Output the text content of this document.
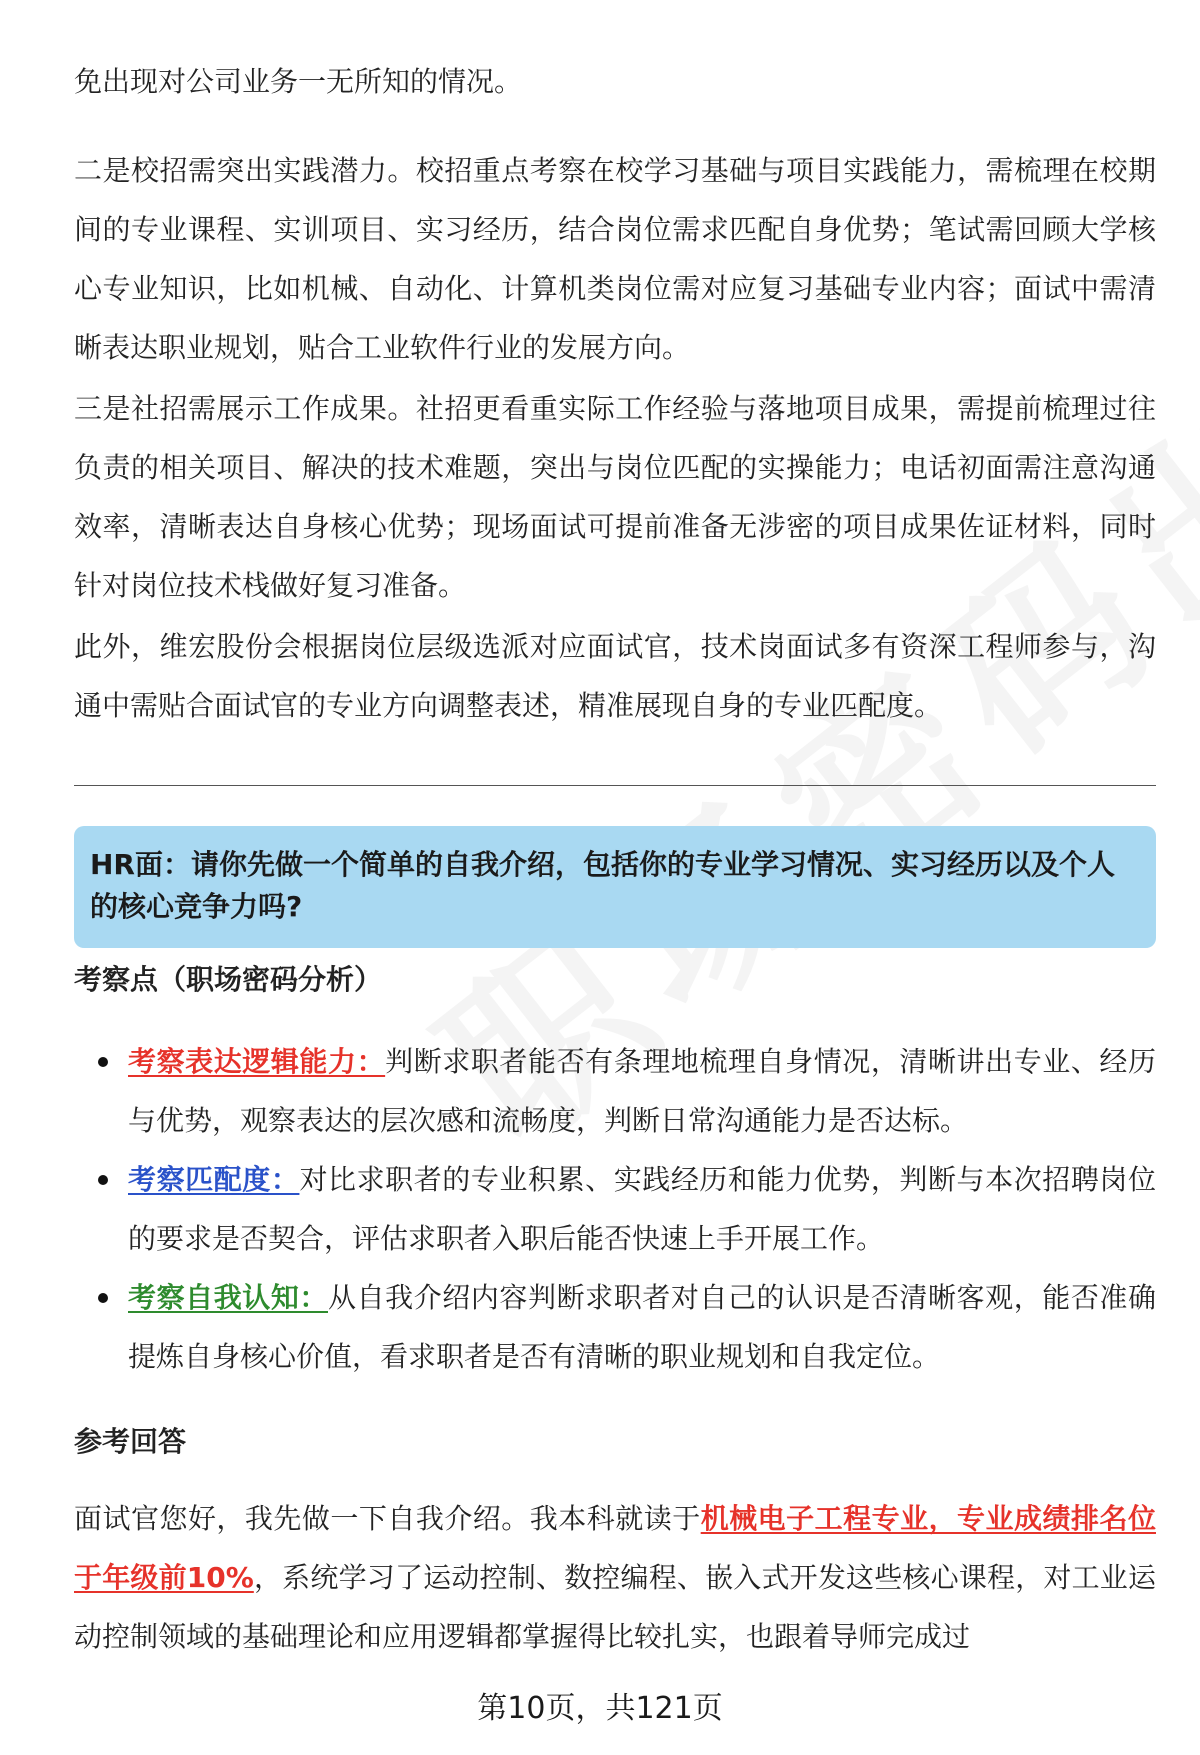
免出现对公司业务一无所知的情况。

二是校招需突出实践潜力。校招重点考察在校学习基础与项目实践能力，需梳理在校期间的专业课程、实训项目、实习经历，结合岗位需求匹配自身优势；笔试需回顾大学核心专业知识，比如机械、自动化、计算机类岗位需对应复习基础专业内容；面试中需清晰表达职业规划，贴合工业软件行业的发展方向。

三是社招需展示工作成果。社招更看重实际工作经验与落地项目成果，需提前梳理过往负责的相关项目、解决的技术难题，突出与岗位匹配的实操能力；电话初面需注意沟通效率，清晰表达自身核心优势；现场面试可提前准备无涉密的项目成果佐证材料，同时针对岗位技术栈做好复习准备。

此外，维宏股份会根据岗位层级选派对应面试官，技术岗面试多有资深工程师参与，沟通中需贴合面试官的专业方向调整表述，精准展现自身的专业匹配度。

HR面：请你先做一个简单的自我介绍，包括你的专业学习情况、实习经历以及个人的核心竞争力吗?

考察点（职场密码分析）

考察表达逻辑能力：判断求职者能否有条理地梳理自身情况，清晰讲出专业、经历与优势，观察表达的层次感和流畅度，判断日常沟通能力是否达标。
考察匹配度：对比求职者的专业积累、实践经历和能力优势，判断与本次招聘岗位的要求是否契合，评估求职者入职后能否快速上手开展工作。
考察自我认知：从自我介绍内容判断求职者对自己的认识是否清晰客观，能否准确提炼自身核心价值，看求职者是否有清晰的职业规划和自我定位。

参考回答

面试官您好，我先做一下自我介绍。我本科就读于机械电子工程专业，专业成绩排名位于年级前10%，系统学习了运动控制、数控编程、嵌入式开发这些核心课程，对工业运动控制领域的基础理论和应用逻辑都掌握得比较扎实，也跟着导师完成过

第10页，共121页
